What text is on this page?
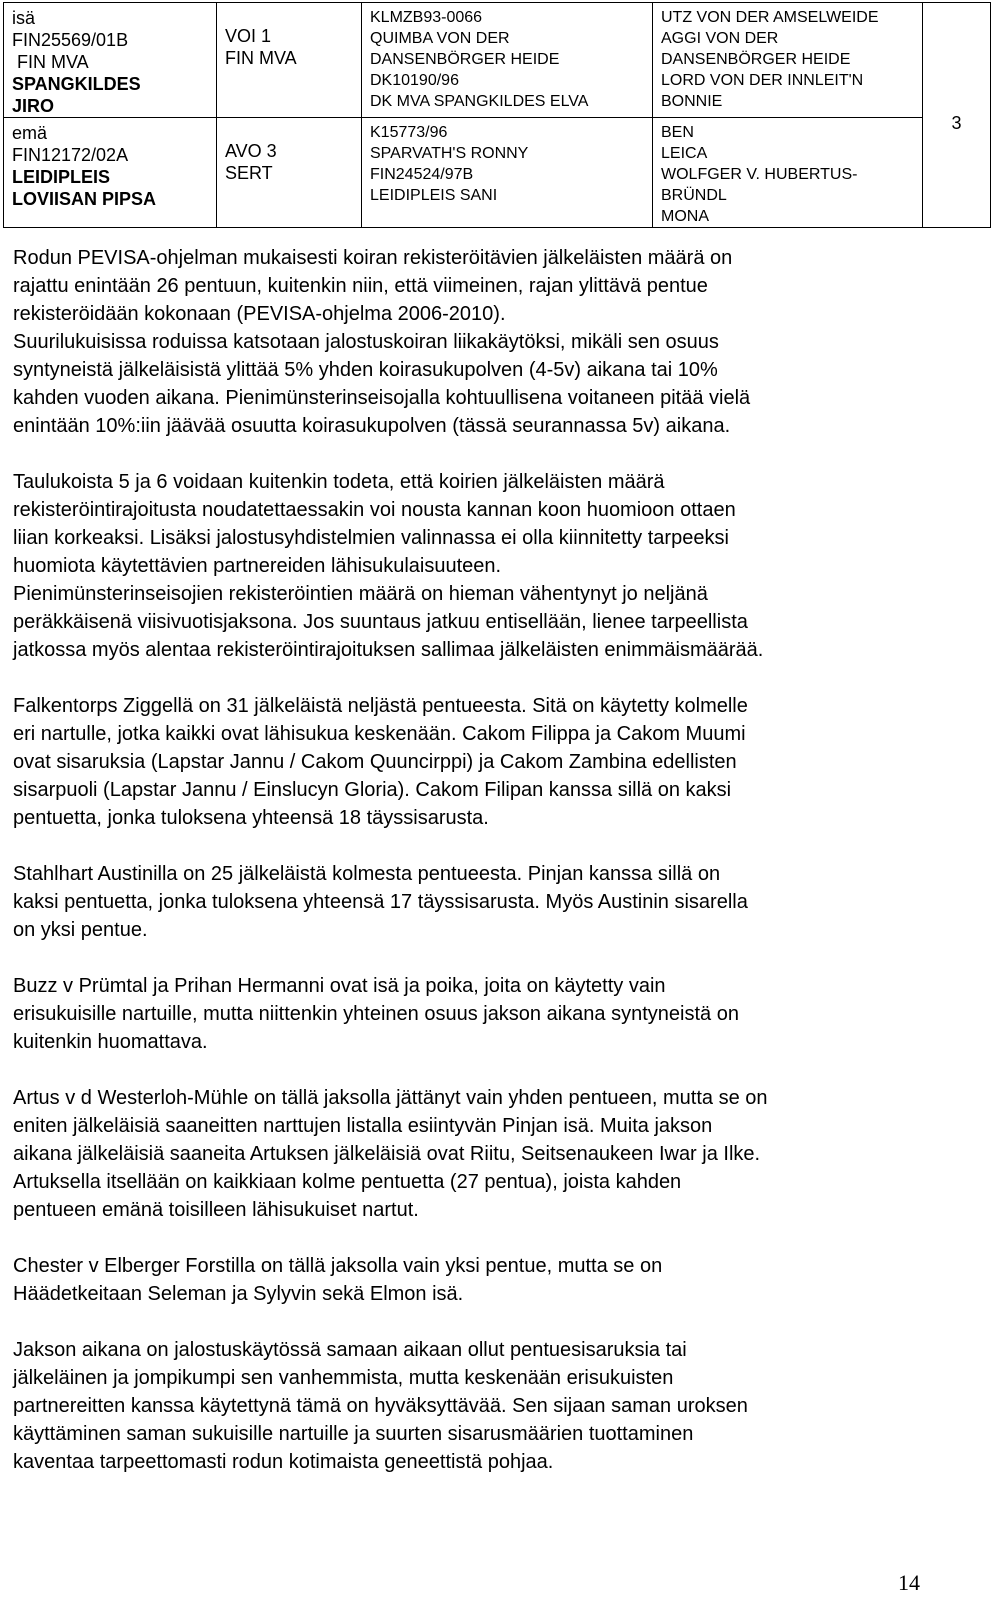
isä
FIN25569/01B
FIN MVA
SPANGKILDES
JIRO	VOI 1
FIN MVA	KLMZB93-0066
QUIMBA VON DER
DANSENBÖRGER HEIDE
DK10190/96
DK MVA SPANGKILDES ELVA	UTZ VON DER AMSELWEIDE
AGGI VON DER
DANSENBÖRGER HEIDE
LORD VON DER INNLEIT'N
BONNIE	3

emä
FIN12172/02A
LEIDIPLEIS
LOVIISAN PIPSA	AVO 3
SERT	K15773/96
SPARVATH'S RONNY
FIN24524/97B
LEIDIPLEIS SANI	BEN
LEICA
WOLFGER V. HUBERTUS-
BRÜNDL
MONA	

Rodun PEVISA-ohjelman mukaisesti koiran rekisteröitävien jälkeläisten määrä on
rajattu enintään 26 pentuun, kuitenkin niin, että viimeinen, rajan ylittävä pentue
rekisteröidään kokonaan (PEVISA-ohjelma 2006-2010).
Suurilukuisissa roduissa katsotaan jalostuskoiran liikakäytöksi, mikäli sen osuus
syntyneistä jälkeläisistä ylittää 5% yhden koirasukupolven (4-5v) aikana tai 10%
kahden vuoden aikana. Pienimünsterinseisojalla kohtuullisena voitaneen pitää vielä
enintään 10%:iin jäävää osuutta koirasukupolven (tässä seurannassa 5v) aikana.

Taulukoista 5 ja 6 voidaan kuitenkin todeta, että koirien jälkeläisten määrä
rekisteröintirajoitusta noudatettaessakin voi nousta kannan koon huomioon ottaen
liian korkeaksi. Lisäksi jalostusyhdistelmien valinnassa ei olla kiinnitetty tarpeeksi
huomiota käytettävien partnereiden lähisukulaisuuteen.
Pienimünsterinseisojien rekisteröintien määrä on hieman vähentynyt jo neljänä
peräkkäisenä viisivuotisjaksona. Jos suuntaus jatkuu entisellään, lienee tarpeellista
jatkossa myös alentaa rekisteröintirajoituksen sallimaa jälkeläisten enimmäismäärää.

Falkentorps Ziggellä on 31 jälkeläistä neljästä pentueesta. Sitä on käytetty kolmelle
eri nartulle, jotka kaikki ovat lähisukua keskenään. Cakom Filippa ja Cakom Muumi
ovat sisaruksia (Lapstar Jannu / Cakom Quuncirppi) ja Cakom Zambina edellisten
sisarpuoli (Lapstar Jannu / Einslucyn Gloria). Cakom Filipan kanssa sillä on kaksi
pentuetta, jonka tuloksena yhteensä 18 täyssisarusta.

Stahlhart Austinilla on 25 jälkeläistä kolmesta pentueesta. Pinjan kanssa sillä on
kaksi pentuetta, jonka tuloksena yhteensä 17 täyssisarusta. Myös Austinin sisarella
on yksi pentue.

Buzz v Prümtal ja Prihan Hermanni ovat isä ja poika, joita on käytetty vain
erisukuisille nartuille, mutta niittenkin yhteinen osuus jakson aikana syntyneistä on
kuitenkin huomattava.

Artus v d Westerloh-Mühle on tällä jaksolla jättänyt vain yhden pentueen, mutta se on
eniten jälkeläisiä saaneitten narttujen listalla esiintyvän Pinjan isä. Muita jakson
aikana jälkeläisiä saaneita Artuksen jälkeläisiä ovat Riitu, Seitsenaukeen Iwar ja Ilke.
Artuksella itsellään on kaikkiaan kolme pentuetta (27 pentua), joista kahden
pentueen emänä toisilleen lähisukuiset nartut.

Chester v Elberger Forstilla on tällä jaksolla vain yksi pentue, mutta se on
Häädetkeitaan Seleman ja Sylyvin sekä Elmon isä.

Jakson aikana on jalostuskäytössä samaan aikaan ollut pentuesisaruksia tai
jälkeläinen ja jompikumpi sen vanhemmista, mutta keskenään erisukuisten
partnereitten kanssa käytettynä tämä on hyväksyttävää. Sen sijaan saman uroksen
käyttäminen saman sukuisille nartuille ja suurten sisarusmäärien tuottaminen
kaventaa tarpeettomasti rodun kotimaista geneettistä pohjaa.

14
